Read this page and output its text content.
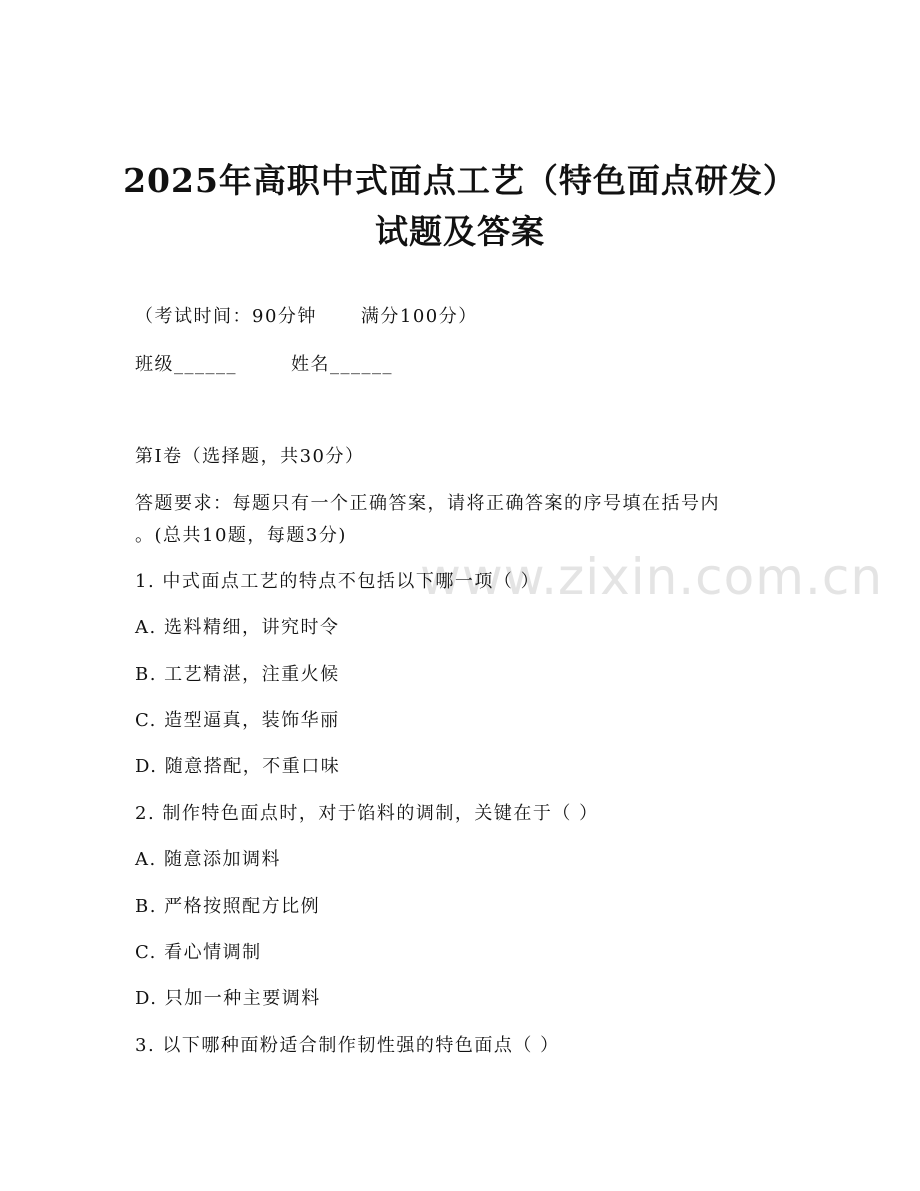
www.zixin.com.cn
2025年高职中式面点工艺（特色面点研发）
试题及答案
（考试时间：90分钟 满分100分）
班级______	姓名______
第I卷（选择题，共30分）
答题要求：每题只有一个正确答案，请将正确答案的序号填在括号内
。(总共10题，每题3分)
1. 中式面点工艺的特点不包括以下哪一项（ ）
A. 选料精细，讲究时令
B. 工艺精湛，注重火候
C. 造型逼真，装饰华丽
D. 随意搭配，不重口味
2. 制作特色面点时，对于馅料的调制，关键在于（ ）
A. 随意添加调料
B. 严格按照配方比例
C. 看心情调制
D. 只加一种主要调料
3. 以下哪种面粉适合制作韧性强的特色面点（ ）
